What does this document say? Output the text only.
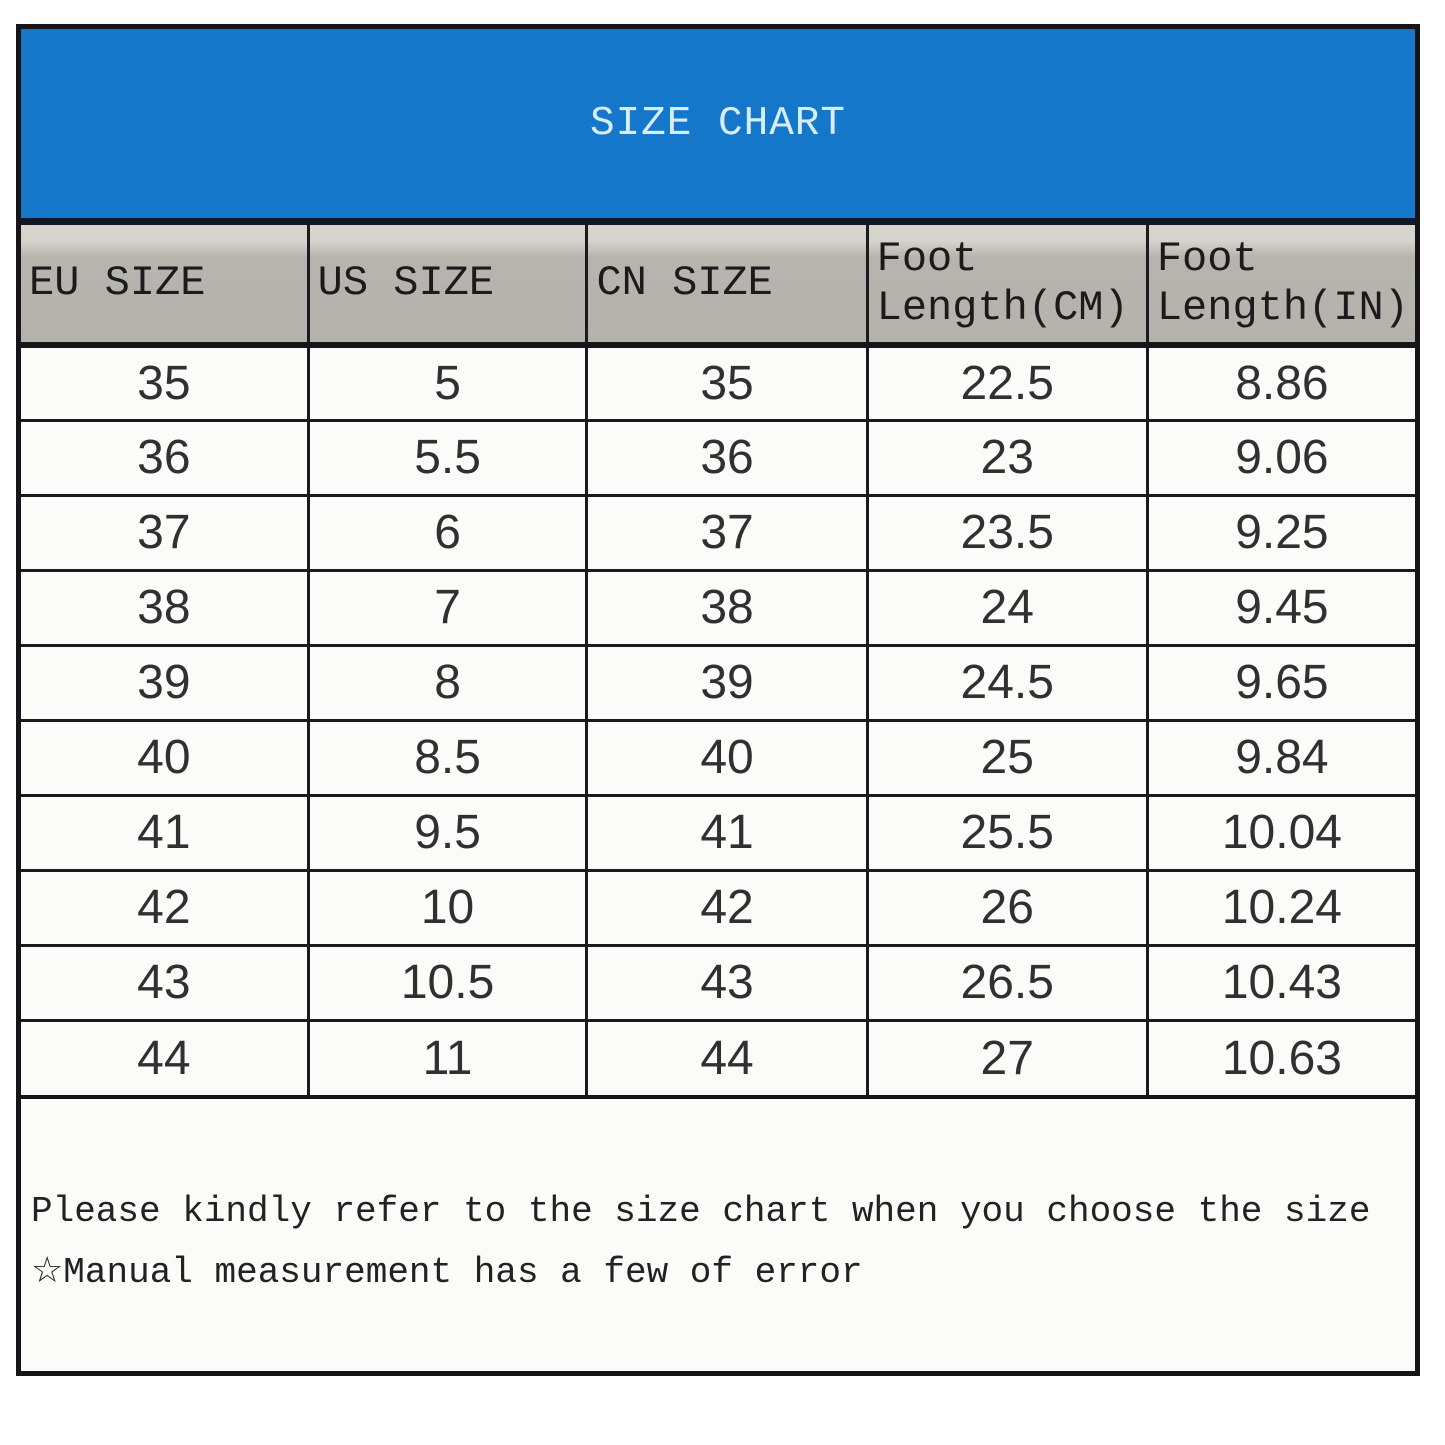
SIZE CHART
EU SIZE	US SIZE	CN SIZE	Foot Length(CM)	Foot Length(IN)
35	5	35	22.5	8.86
36	5.5	36	23	9.06
37	6	37	23.5	9.25
38	7	38	24	9.45
39	8	39	24.5	9.65
40	8.5	40	25	9.84
41	9.5	41	25.5	10.04
42	10	42	26	10.24
43	10.5	43	26.5	10.43
44	11	44	27	10.63
Please kindly refer to the size chart when you choose the size
☆Manual measurement has a few of error
